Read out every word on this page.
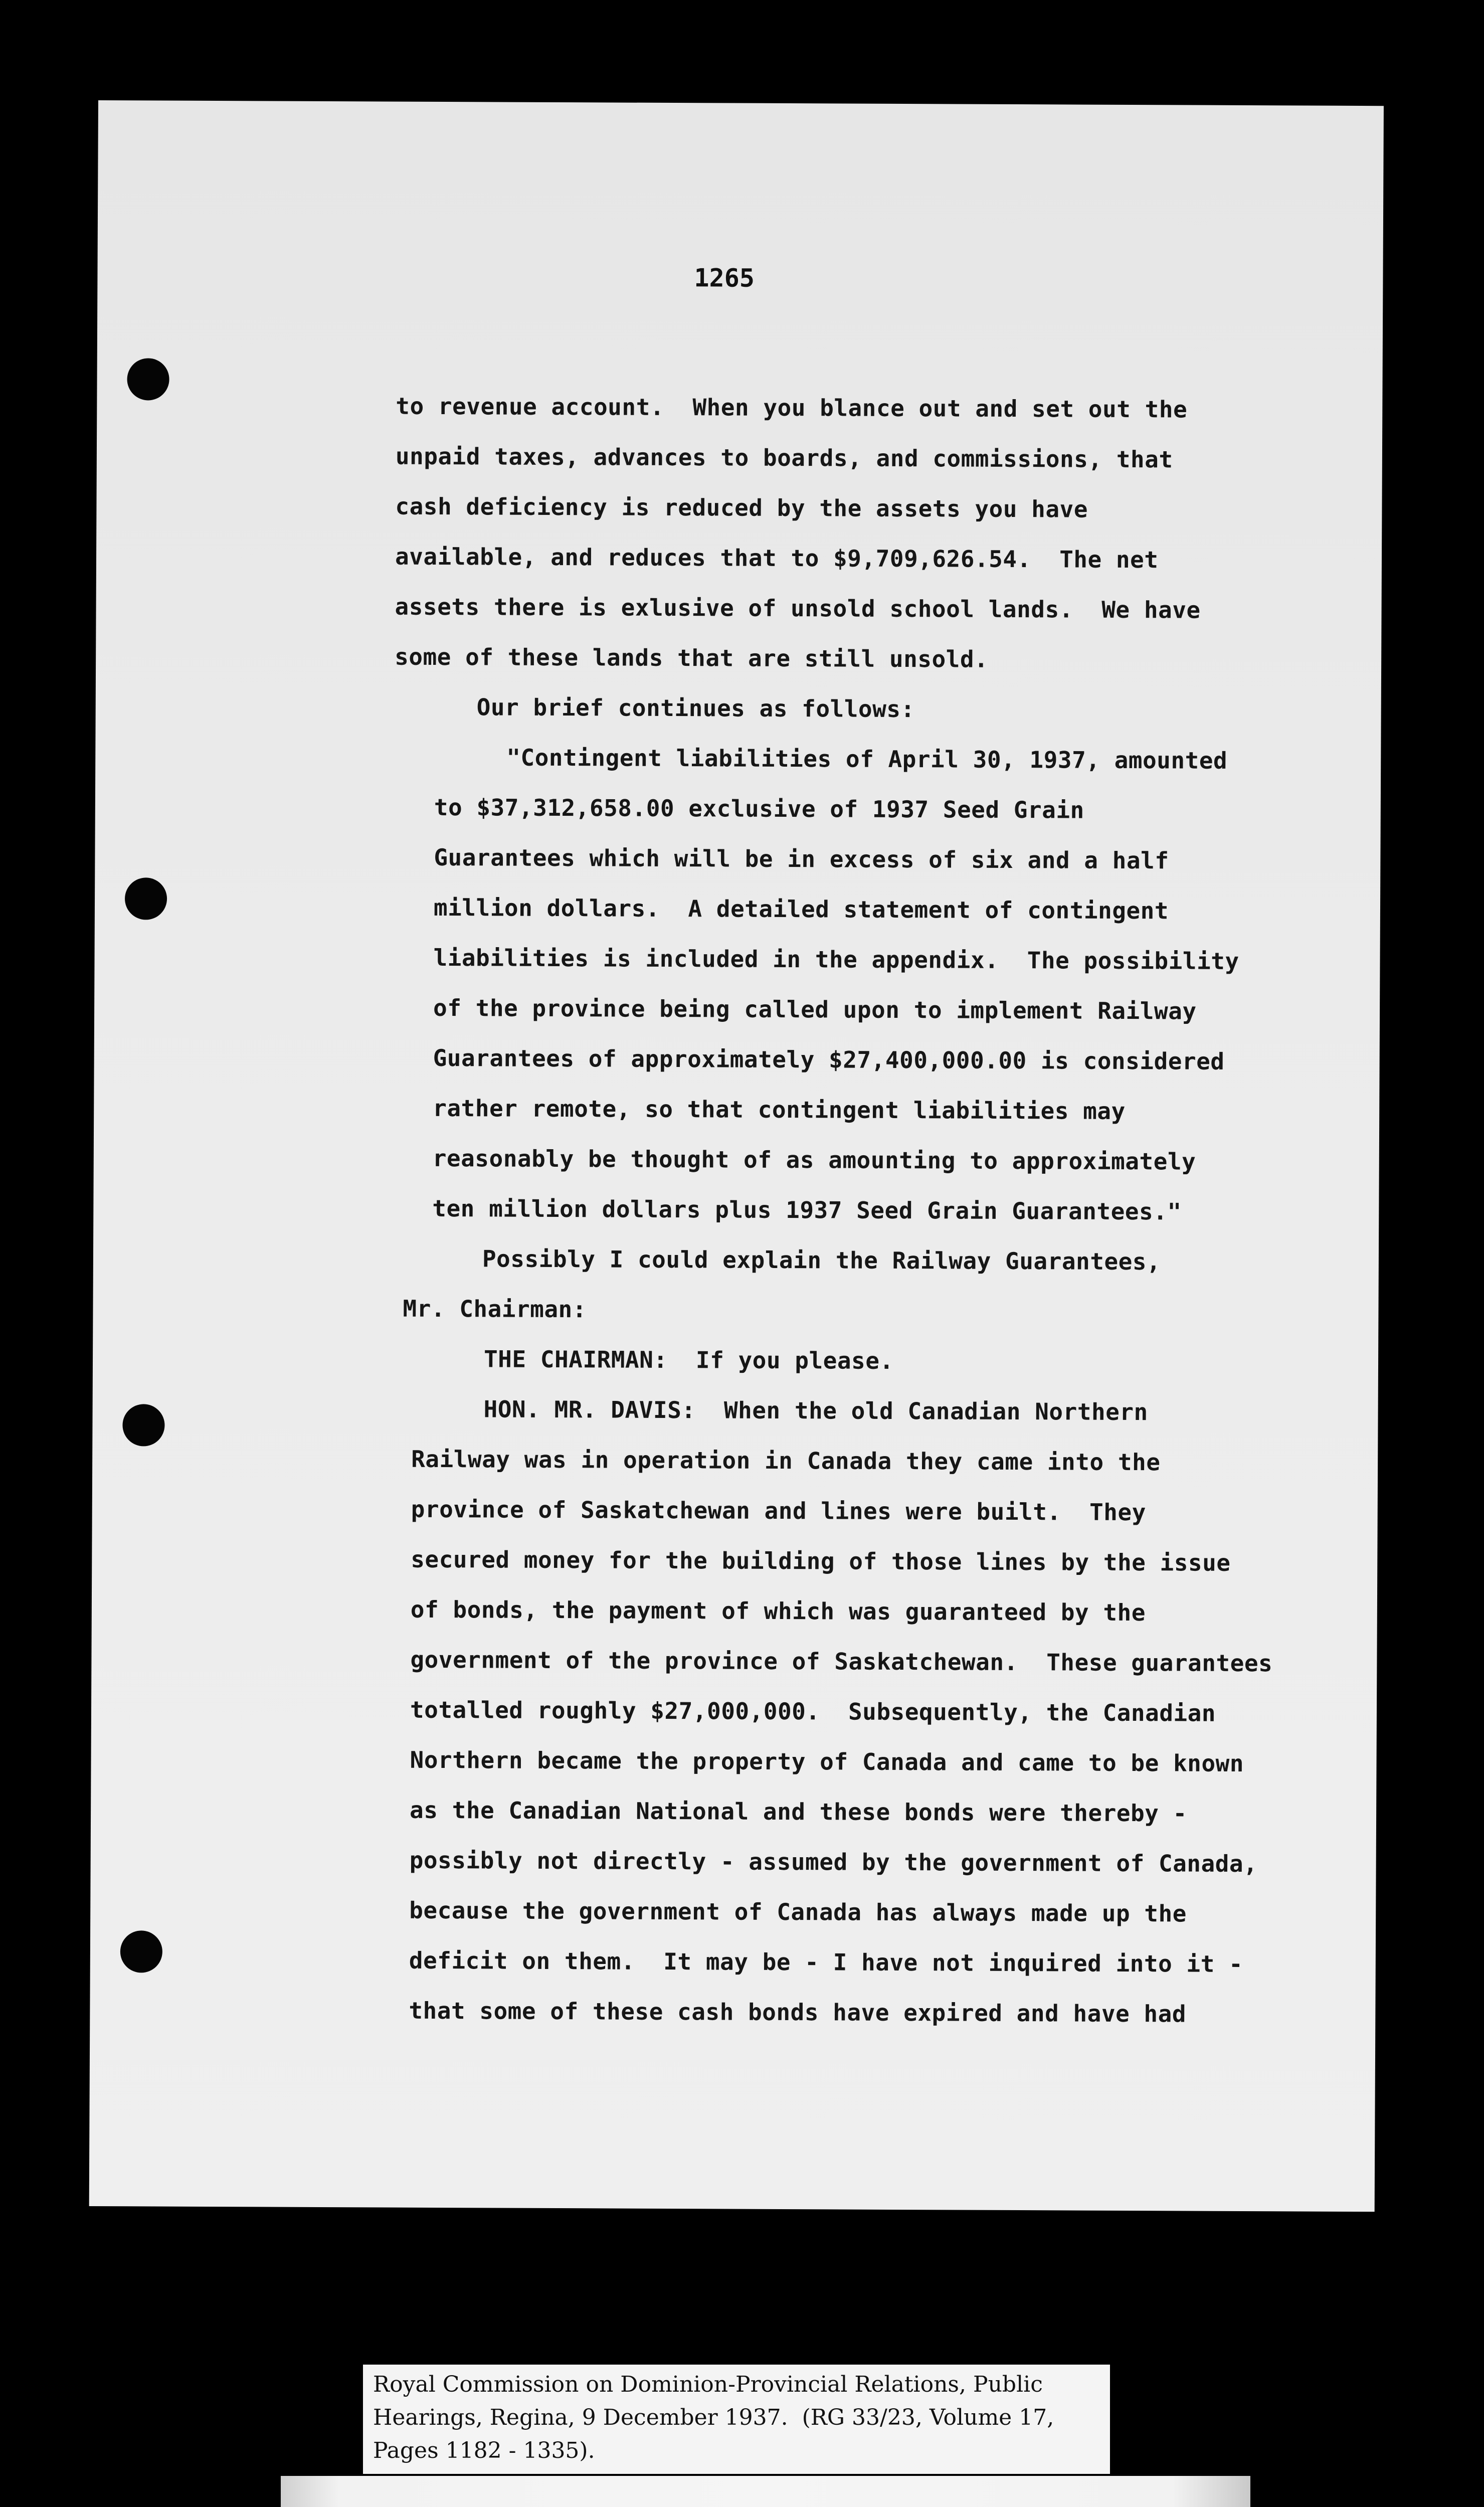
1265
to revenue account.  When you blance out and set out the
unpaid taxes, advances to boards, and commissions, that
cash deficiency is reduced by the assets you have
available, and reduces that to $9,709,626.54.  The net
assets there is exlusive of unsold school lands.  We have
some of these lands that are still unsold.
Our brief continues as follows:
"Contingent liabilities of April 30, 1937, amounted
to $37,312,658.00 exclusive of 1937 Seed Grain
Guarantees which will be in excess of six and a half
million dollars.  A detailed statement of contingent
liabilities is included in the appendix.  The possibility
of the province being called upon to implement Railway
Guarantees of approximately $27,400,000.00 is considered
rather remote, so that contingent liabilities may
reasonably be thought of as amounting to approximately
ten million dollars plus 1937 Seed Grain Guarantees."
Possibly I could explain the Railway Guarantees,
Mr. Chairman:
THE CHAIRMAN:  If you please.
HON. MR. DAVIS:  When the old Canadian Northern
Railway was in operation in Canada they came into the
province of Saskatchewan and lines were built.  They
secured money for the building of those lines by the issue
of bonds, the payment of which was guaranteed by the
government of the province of Saskatchewan.  These guarantees
totalled roughly $27,000,000.  Subsequently, the Canadian
Northern became the property of Canada and came to be known
as the Canadian National and these bonds were thereby -
possibly not directly - assumed by the government of Canada,
because the government of Canada has always made up the
deficit on them.  It may be - I have not inquired into it -
that some of these cash bonds have expired and have had
Royal Commission on Dominion-Provincial Relations, Public
Hearings, Regina, 9 December 1937.  (RG 33/23, Volume 17,
Pages 1182 - 1335).
